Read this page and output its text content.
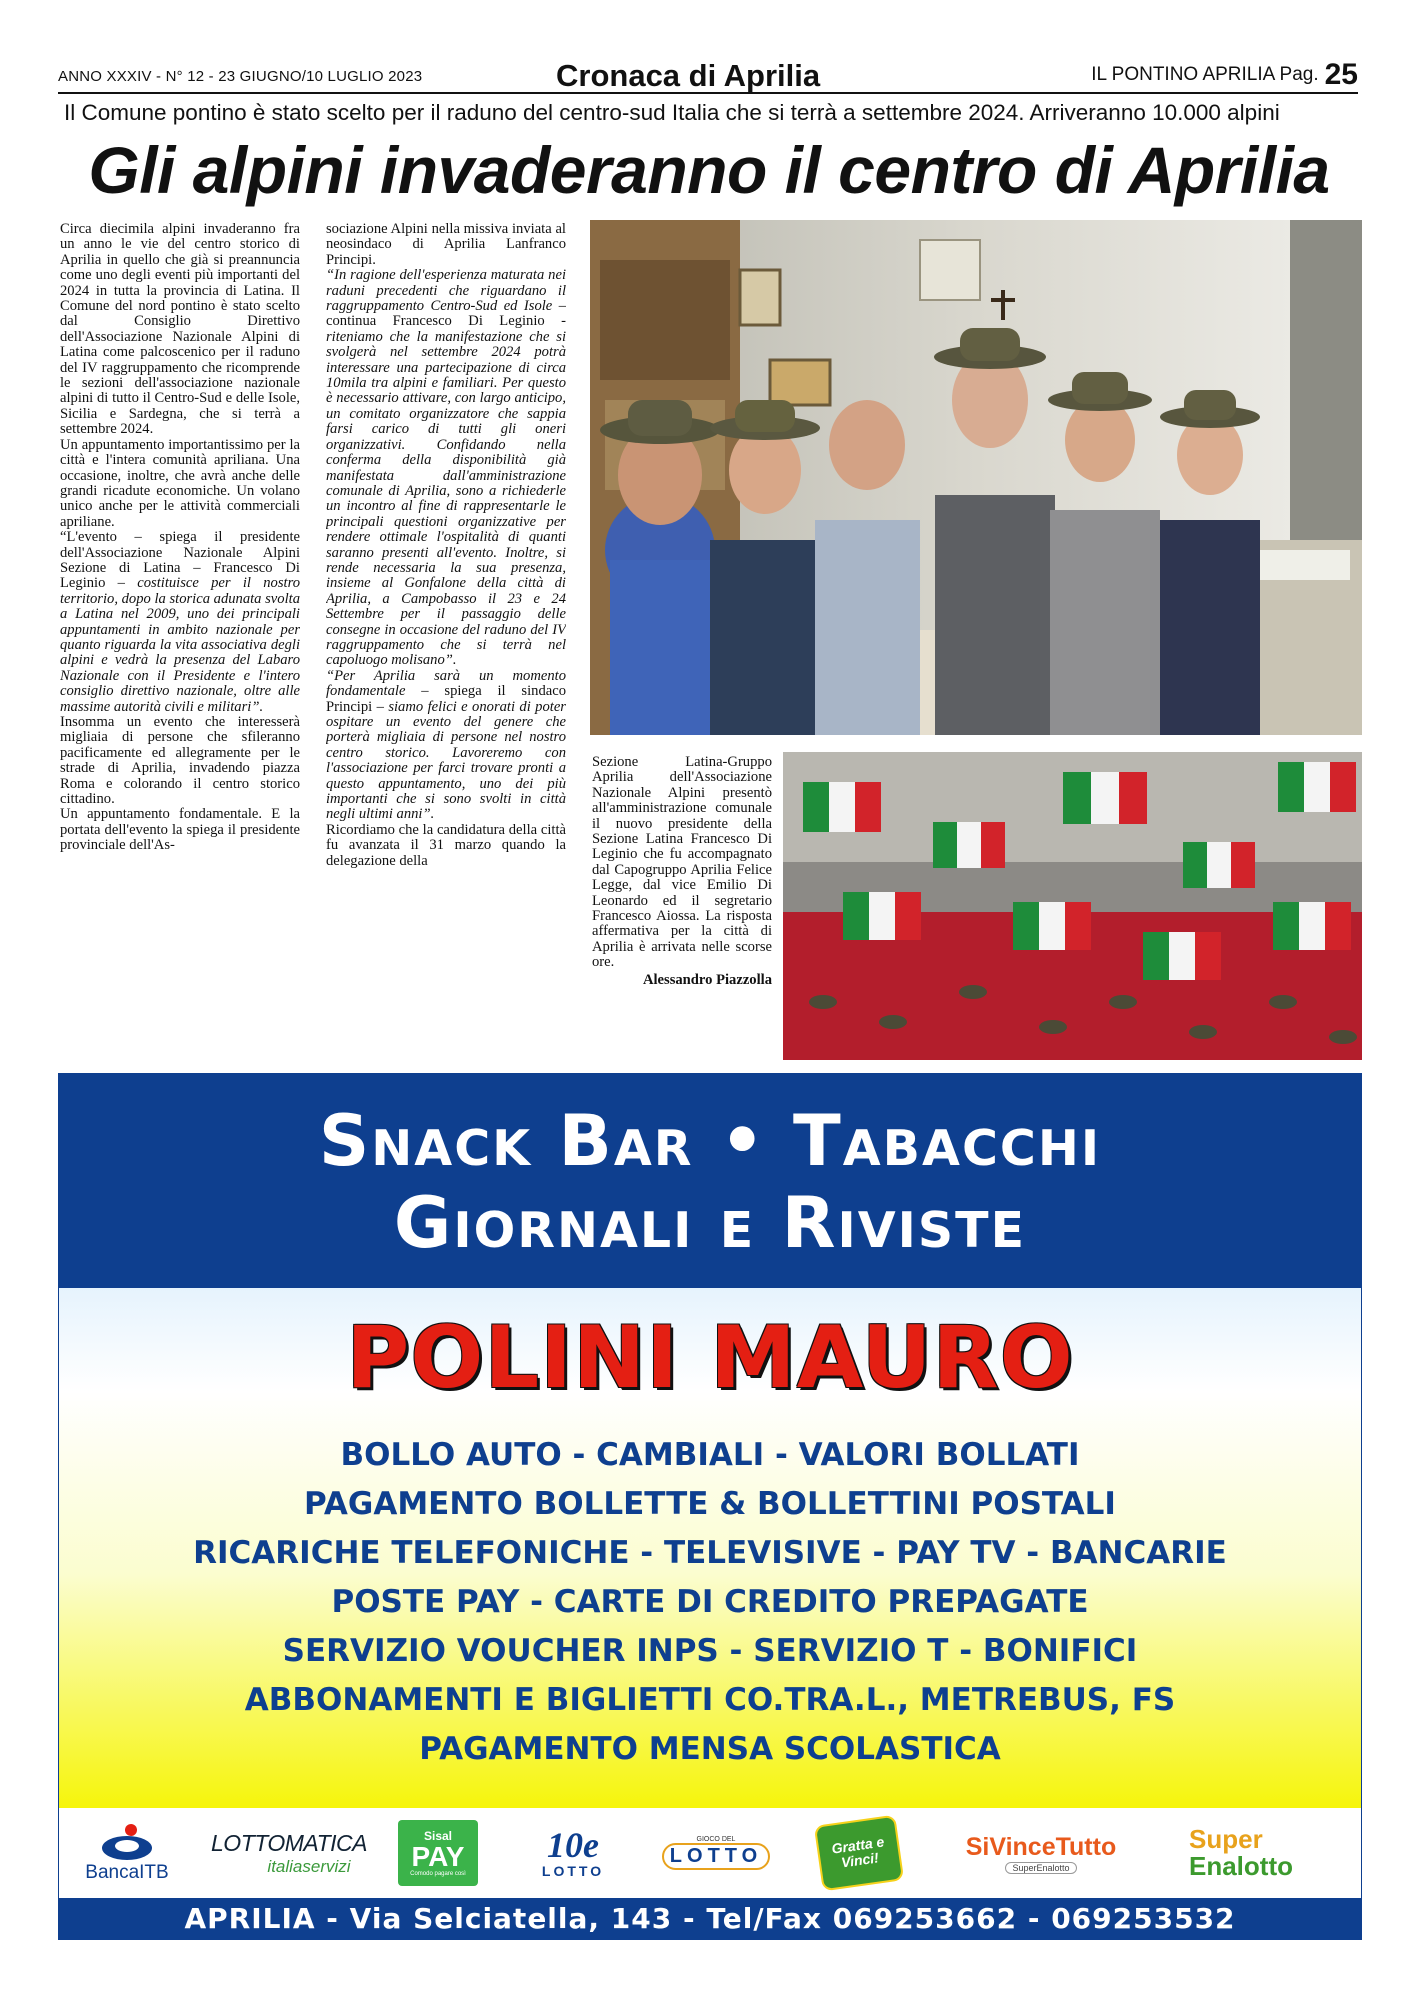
ANNO XXXIV - N° 12 - 23 GIUGNO/10 LUGLIO 2023	Cronaca di Aprilia	IL PONTINO APRILIA Pag. 25
Il Comune pontino è stato scelto per il raduno del centro-sud Italia che si terrà a settembre 2024. Arriveranno 10.000 alpini
Gli alpini invaderanno il centro di Aprilia

Circa diecimila alpini invaderanno fra un anno le vie del centro storico di Aprilia in quello che già si preannuncia come uno degli eventi più importanti del 2024 in tutta la provincia di Latina. Il Comune del nord pontino è stato scelto dal Consiglio Direttivo dell'Associazione Nazionale Alpini di Latina come palcoscenico per il raduno del IV raggruppamento che ricomprende le sezioni dell'associazione nazionale alpini di tutto il Centro-Sud e delle Isole, Sicilia e Sardegna, che si terrà a settembre 2024.

Un appuntamento importantissimo per la città e l'intera comunità apriliana. Una occasione, inoltre, che avrà anche delle grandi ricadute economiche. Un volano unico anche per le attività commerciali apriliane.

“L'evento – spiega il presidente dell'Associazione Nazionale Alpini Sezione di Latina – Francesco Di Leginio – costituisce per il nostro territorio, dopo la storica adunata svolta a Latina nel 2009, uno dei principali appuntamenti in ambito nazionale per quanto riguarda la vita associativa degli alpini e vedrà la presenza del Labaro Nazionale con il Presidente e l'intero consiglio direttivo nazionale, oltre alle massime autorità civili e militari”.

Insomma un evento che interesserà migliaia di persone che sfileranno pacificamente ed allegramente per le strade di Aprilia, invadendo piazza Roma e colorando il centro storico cittadino.

Un appuntamento fondamentale. E la portata dell'evento la spiega il presidente provinciale dell'As-

sociazione Alpini nella missiva inviata al neosindaco di Aprilia Lanfranco Principi.

“In ragione dell'esperienza maturata nei raduni precedenti che riguardano il raggruppamento Centro-Sud ed Isole – continua Francesco Di Leginio - riteniamo che la manifestazione che si svolgerà nel settembre 2024 potrà interessare una partecipazione di circa 10mila tra alpini e familiari. Per questo è necessario attivare, con largo anticipo, un comitato organizzatore che sappia farsi carico di tutti gli oneri organizzativi. Confidando nella conferma della disponibilità già manifestata dall'amministrazione comunale di Aprilia, sono a richiederle un incontro al fine di rappresentarle le principali questioni organizzative per rendere ottimale l'ospitalità di quanti saranno presenti all'evento. Inoltre, si rende necessaria la sua presenza, insieme al Gonfalone della città di Aprilia, a Campobasso il 23 e 24 Settembre per il passaggio delle consegne in occasione del raduno del IV raggruppamento che si terrà nel capoluogo molisano”.

“Per Aprilia sarà un momento fondamentale – spiega il sindaco Principi – siamo felici e onorati di poter ospitare un evento del genere che porterà migliaia di persone nel nostro centro storico. Lavoreremo con l'associazione per farci trovare pronti a questo appuntamento, uno dei più importanti che si sono svolti in città negli ultimi anni”.

Ricordiamo che la candidatura della città fu avanzata il 31 marzo quando la delegazione della

Sezione Latina-Gruppo Aprilia dell'Associazione Nazionale Alpini presentò all'amministrazione comunale il nuovo presidente della Sezione Latina Francesco Di Leginio che fu accompagnato dal Capogruppo Aprilia Felice Legge, dal vice Emilio Di Leonardo ed il segretario Francesco Aiossa. La risposta affermativa per la città di Aprilia è arrivata nelle scorse ore.

Alessandro Piazzolla

Snack Bar • Tabacchi
Giornali e Riviste
POLINI MAURO
BOLLO AUTO - CAMBIALI - VALORI BOLLATI
PAGAMENTO BOLLETTE & BOLLETTINI POSTALI
RICARICHE TELEFONICHE - TELEVISIVE - PAY TV - BANCARIE
POSTE PAY - CARTE DI CREDITO PREPAGATE
SERVIZIO VOUCHER INPS - SERVIZIO T - BONIFICI
ABBONAMENTI E BIGLIETTI CO.TRA.L., METREBUS, FS
PAGAMENTO MENSA SCOLASTICA
BancaITB
LOTTOMATICA
italiaservizi
Sisal
PAY
Comodo pagare così
10e
LOTTO
GIOCO DEL
LOTTO	Gratta e Vinci!	SiVinceTutto
SuperEnalotto
Super
Enalotto
APRILIA - Via Selciatella, 143 - Tel/Fax 069253662 - 069253532
